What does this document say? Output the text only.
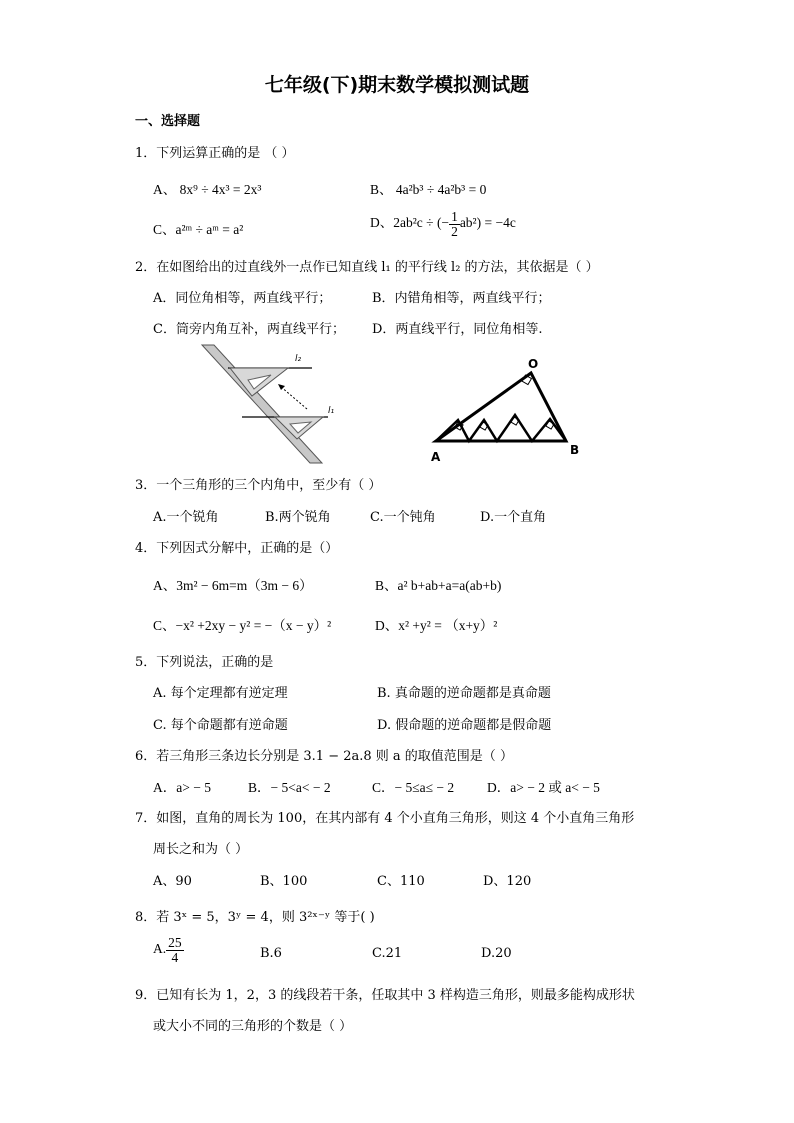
七年级(下)期末数学模拟测试题
一、选择题
1．下列运算正确的是 （ ）
A、 8x⁹ ÷ 4x³ = 2x³	B、 4a²b³ ÷ 4a²b³ = 0
C、a²ᵐ ÷ aᵐ = a²	D、2ab²c ÷ (− $\frac{1}{2} ab^2) = -4c$
2．在如图给出的过直线外一点作已知直线 l₁ 的平行线 l₂ 的方法，其依据是（ ）
A．同位角相等，两直线平行；	B．内错角相等，两直线平行；
C．筒旁内角互补，两直线平行； D．两直线平行，同位角相等.
l₂
l₁
O
A	B
3．一个三角形的三个内角中，至少有（ ）
A.一个锐角	B.两个锐角	C.一个钝角	D.一个直角
4．下列因式分解中，正确的是（）
A、3m² − 6m=m（3m − 6）	B、a² b+ab+a=a(ab+b)
C、−x² +2xy − y² = −（x − y）²	D、x² +y² = （x+y）²
5．下列说法，正确的是
A. 每个定理都有逆定理	B. 真命题的逆命题都是真命题
C. 每个命题都有逆命题	D. 假命题的逆命题都是假命题
6．若三角形三条边长分别是 3.1 − 2a.8 则 a 的取值范围是（ ）
A．a> − 5	B．− 5<a< − 2	C．− 5≤a≤ − 2 D．a> − 2 或 a< − 5
7．如图，直角的周长为 100，在其内部有 4 个小直角三角形，则这 4 个小直角三角形
周长之和为（ ）
A、90	B、100	C、110	D、120
8．若 3ˣ = 5，3ʸ = 4，则 3²ˣ⁻ʸ 等于( )
A. $\frac{25}{4}$	B.6	C.21	D.20
9．已知有长为 1，2，3 的线段若干条，任取其中 3 样构造三角形，则最多能构成形状
或大小不同的三角形的个数是（ ）
